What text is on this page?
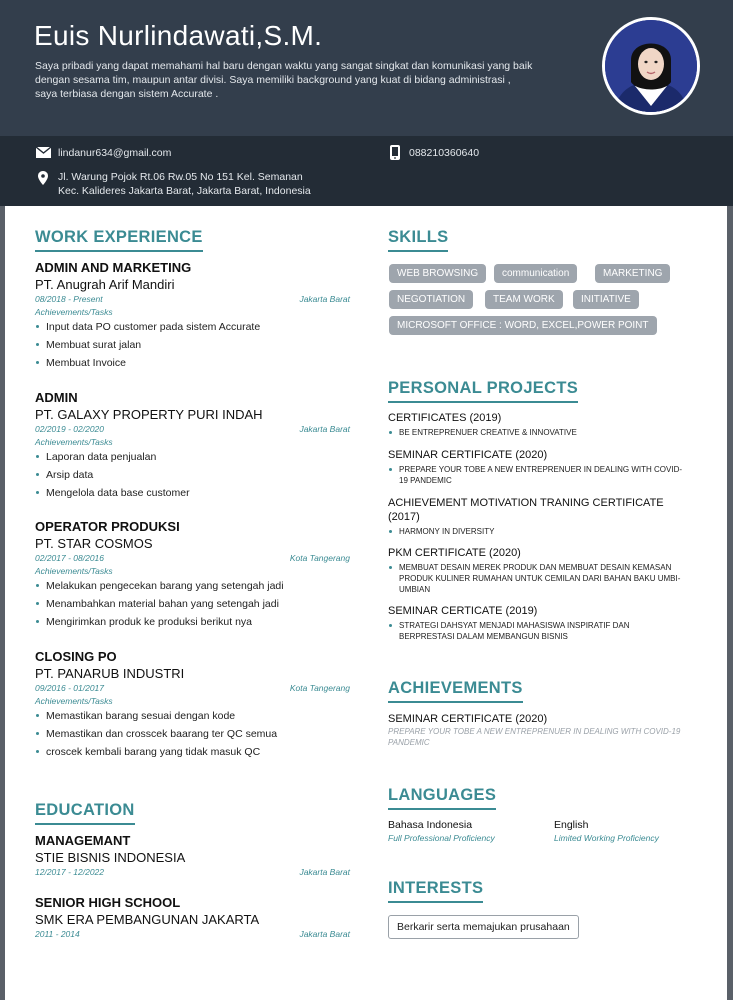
Euis Nurlindawati,S.M.
Saya pribadi yang dapat memahami hal baru dengan waktu yang sangat singkat dan komunikasi yang baik dengan sesama tim, maupun antar divisi. Saya memiliki background yang kuat di bidang administrasi , saya terbiasa dengan sistem Accurate .
lindanur634@gmail.com	088210360640
Jl. Warung Pojok Rt.06 Rw.05 No 151 Kel. Semanan
Kec. Kalideres Jakarta Barat, Jakarta Barat, Indonesia
WORK EXPERIENCE
ADMIN AND MARKETING
PT. Anugrah Arif Mandiri
08/2018 - Present	Jakarta Barat
Achievements/Tasks
Input data PO customer pada sistem Accurate
Membuat surat jalan
Membuat Invoice
ADMIN
PT. GALAXY PROPERTY PURI INDAH
02/2019 - 02/2020	Jakarta Barat
Achievements/Tasks
Laporan data penjualan
Arsip data
Mengelola data base customer
OPERATOR PRODUKSI
PT. STAR COSMOS
02/2017 - 08/2016	Kota Tangerang
Achievements/Tasks
Melakukan pengecekan barang yang setengah jadi
Menambahkan material bahan yang setengah jadi
Mengirimkan produk ke produksi berikut nya
CLOSING PO
PT. PANARUB INDUSTRI
09/2016 - 01/2017	Kota Tangerang
Achievements/Tasks
Memastikan barang sesuai dengan kode
Memastikan dan crosscek baarang ter QC semua
croscek kembali barang yang tidak masuk QC
EDUCATION
MANAGEMANT
STIE BISNIS INDONESIA
12/2017 - 12/2022	Jakarta Barat
SENIOR HIGH SCHOOL
SMK ERA PEMBANGUNAN JAKARTA
2011 - 2014	Jakarta Barat
SKILLS
WEB BROWSING	communication	MARKETING
NEGOTIATION	TEAM WORK	INITIATIVE
MICROSOFT OFFICE : WORD, EXCEL,POWER POINT
PERSONAL PROJECTS
CERTIFICATES (2019)
BE ENTREPRENUER CREATIVE & INNOVATIVE
SEMINAR CERTIFICATE (2020)
PREPARE YOUR TOBE A NEW ENTREPRENUER IN DEALING WITH COVID-19 PANDEMIC
ACHIEVEMENT MOTIVATION TRANING CERTIFICATE (2017)
HARMONY IN DIVERSITY
PKM CERTIFICATE (2020)
MEMBUAT DESAIN MEREK PRODUK DAN MEMBUAT DESAIN KEMASAN PRODUK KULINER RUMAHAN UNTUK CEMILAN DARI BAHAN BAKU UMBI-UMBIAN
SEMINAR CERTICATE (2019)
STRATEGI DAHSYAT MENJADI MAHASISWA INSPIRATIF DAN BERPRESTASI DALAM MEMBANGUN BISNIS
ACHIEVEMENTS
SEMINAR CERTIFICATE (2020)
PREPARE YOUR TOBE A NEW ENTREPRENUER IN DEALING WITH COVID-19 PANDEMIC
LANGUAGES
Bahasa Indonesia
Full Professional Proficiency
English
Limited Working Proficiency
INTERESTS
Berkarir serta memajukan prusahaan
